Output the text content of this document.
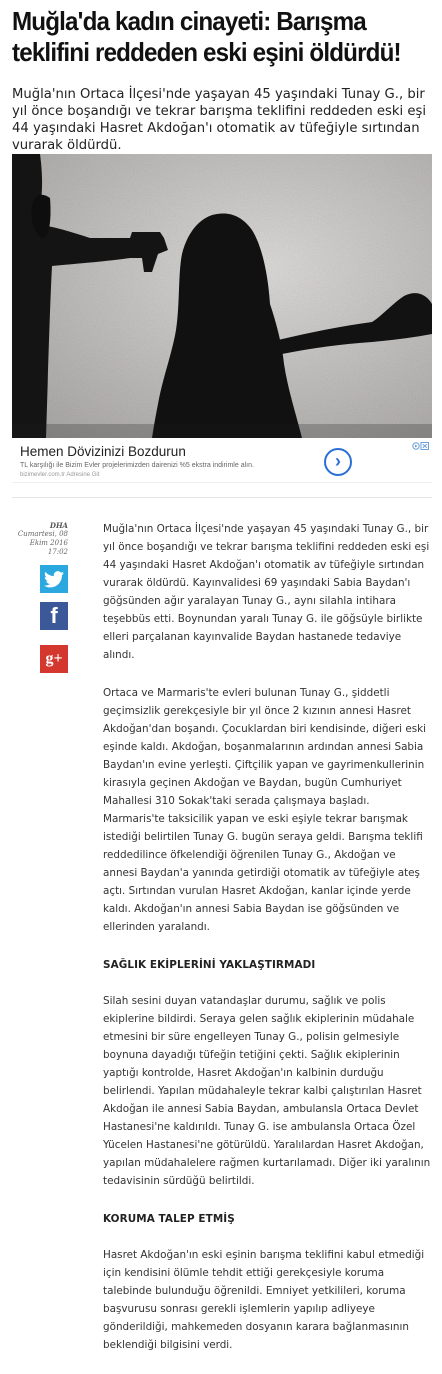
Muğla'da kadın cinayeti: Barışma teklifini reddeden eski eşini öldürdü!

Muğla'nın Ortaca İlçesi'nde yaşayan 45 yaşındaki Tunay G., bir yıl önce boşandığı ve tekrar barışma teklifini reddeden eski eşi 44 yaşındaki Hasret Akdoğan'ı otomatik av tüfeğiyle sırtından vurarak öldürdü.

Hemen Dövizinizi Bozdurun
TL karşılığı ile Bizim Evler projelerimizden dairenizi %5 ekstra indirimle alın.
bizimevler.com.tr Adresine Git
›
DHA
Cumartesi, 08
Ekim 2016 17:02
f
g+

Muğla'nın Ortaca İlçesi'nde yaşayan 45 yaşındaki Tunay G., bir yıl önce boşandığı ve tekrar barışma teklifini reddeden eski eşi 44 yaşındaki Hasret Akdoğan'ı otomatik av tüfeğiyle sırtından vurarak öldürdü. Kayınvalidesi 69 yaşındaki Sabia Baydan'ı göğsünden ağır yaralayan Tunay G., aynı silahla intihara teşebbüs etti. Boynundan yaralı Tunay G. ile göğsüyle birlikte elleri parçalanan kayınvalide Baydan hastanede tedaviye alındı.

Ortaca ve Marmaris'te evleri bulunan Tunay G., şiddetli geçimsizlik gerekçesiyle bir yıl önce 2 kızının annesi Hasret Akdoğan'dan boşandı. Çocuklardan biri kendisinde, diğeri eski eşinde kaldı. Akdoğan, boşanmalarının ardından annesi Sabia Baydan'ın evine yerleşti. Çiftçilik yapan ve gayrimenkullerinin kirasıyla geçinen Akdoğan ve Baydan, bugün Cumhuriyet Mahallesi 310 Sokak'taki serada çalışmaya başladı. Marmaris'te taksicilik yapan ve eski eşiyle tekrar barışmak istediği belirtilen Tunay G. bugün seraya geldi. Barışma teklifi reddedilince öfkelendiği öğrenilen Tunay G., Akdoğan ve annesi Baydan'a yanında getirdiği otomatik av tüfeğiyle ateş açtı. Sırtından vurulan Hasret Akdoğan, kanlar içinde yerde kaldı. Akdoğan'ın annesi Sabia Baydan ise göğsünden ve ellerinden yaralandı.

SAĞLIK EKİPLERİNİ YAKLAŞTIRMADI

Silah sesini duyan vatandaşlar durumu, sağlık ve polis ekiplerine bildirdi. Seraya gelen sağlık ekiplerinin müdahale etmesini bir süre engelleyen Tunay G., polisin gelmesiyle boynuna dayadığı tüfeğin tetiğini çekti. Sağlık ekiplerinin yaptığı kontrolde, Hasret Akdoğan'ın kalbinin durduğu belirlendi. Yapılan müdahaleyle tekrar kalbi çalıştırılan Hasret Akdoğan ile annesi Sabia Baydan, ambulansla Ortaca Devlet Hastanesi'ne kaldırıldı. Tunay G. ise ambulansla Ortaca Özel Yücelen Hastanesi'ne götürüldü. Yaralılardan Hasret Akdoğan, yapılan müdahalelere rağmen kurtarılamadı. Diğer iki yaralının tedavisinin sürdüğü belirtildi.

KORUMA TALEP ETMİŞ

Hasret Akdoğan'ın eski eşinin barışma teklifini kabul etmediği için kendisini ölümle tehdit ettiği gerekçesiyle koruma talebinde bulunduğu öğrenildi. Emniyet yetkilileri, koruma başvurusu sonrası gerekli işlemlerin yapılıp adliyeye gönderildiği, mahkemeden dosyanın karara bağlanmasının beklendiği bilgisini verdi.
